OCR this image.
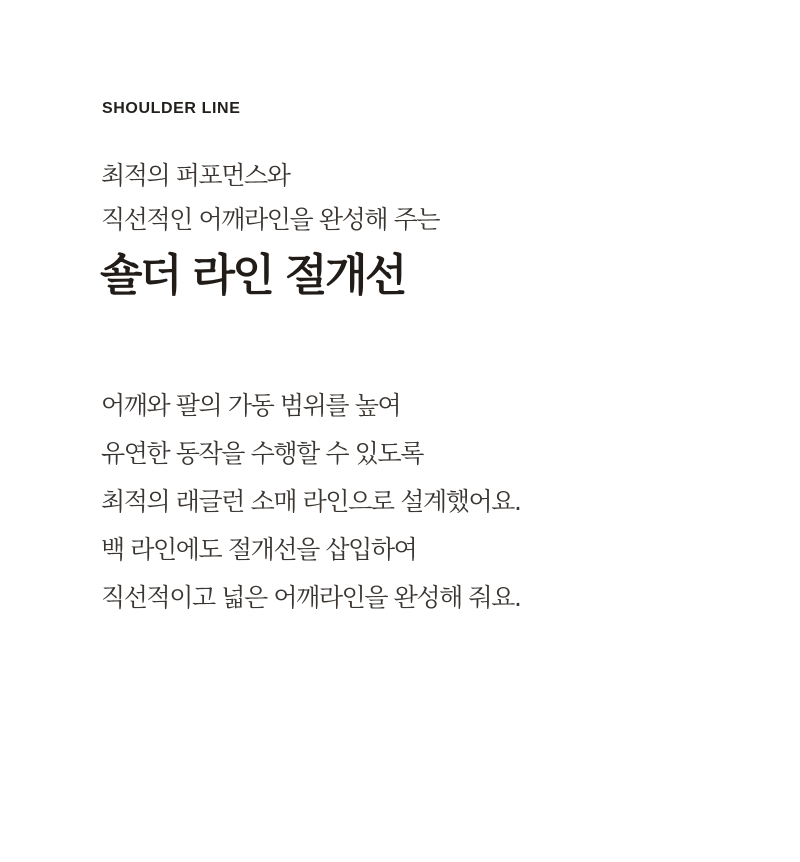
SHOULDER LINE
최적의 퍼포먼스와
직선적인 어깨라인을 완성해 주는
숄더 라인 절개선
어깨와 팔의 가동 범위를 높여
유연한 동작을 수행할 수 있도록
최적의 래글런 소매 라인으로 설계했어요.
백 라인에도 절개선을 삽입하여
직선적이고 넓은 어깨라인을 완성해 줘요.
